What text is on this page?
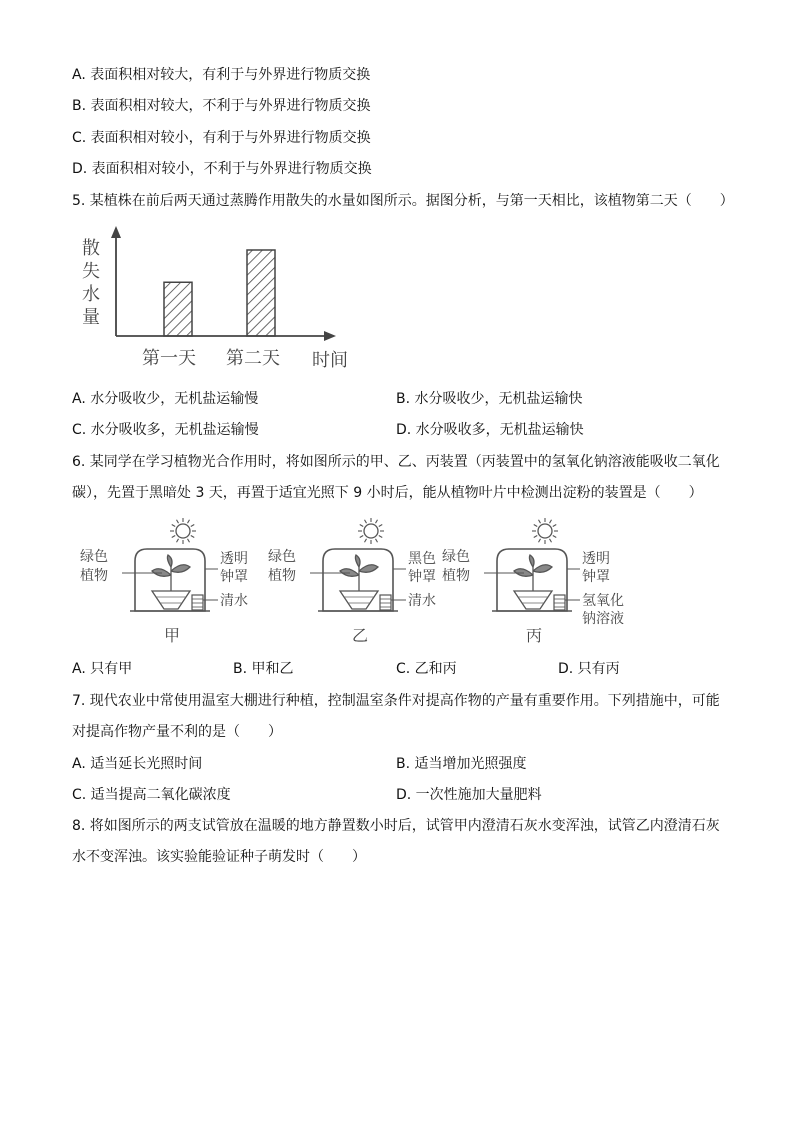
A. 表面积相对较大，有利于与外界进行物质交换
B. 表面积相对较大，不利于与外界进行物质交换
C. 表面积相对较小，有利于与外界进行物质交换
D. 表面积相对较小，不利于与外界进行物质交换
5. 某植株在前后两天通过蒸腾作用散失的水量如图所示。据图分析，与第一天相比，该植物第二天（　　）
散
失
水
量
第一天 第二天 时间
A. 水分吸收少，无机盐运输慢	B. 水分吸收少，无机盐运输快
C. 水分吸收多，无机盐运输慢	D. 水分吸收多，无机盐运输快
6. 某同学在学习植物光合作用时，将如图所示的甲、乙、丙装置（丙装置中的氢氧化钠溶液能吸收二氧化
碳），先置于黑暗处 3 天，再置于适宜光照下 9 小时后，能从植物叶片中检测出淀粉的装置是（　　）
绿色
植物
透明
钟罩
清水
甲
绿色
植物
黑色
钟罩
清水
乙
绿色
植物
透明
钟罩
氢氧化
钠溶液
丙
A. 只有甲	B. 甲和乙	C. 乙和丙	D. 只有丙
7. 现代农业中常使用温室大棚进行种植，控制温室条件对提高作物的产量有重要作用。下列措施中，可能
对提高作物产量不利的是（　　）
A. 适当延长光照时间	B. 适当增加光照强度
C. 适当提高二氧化碳浓度	D. 一次性施加大量肥料
8. 将如图所示的两支试管放在温暖的地方静置数小时后，试管甲内澄清石灰水变浑浊，试管乙内澄清石灰
水不变浑浊。该实验能验证种子萌发时（　　）
